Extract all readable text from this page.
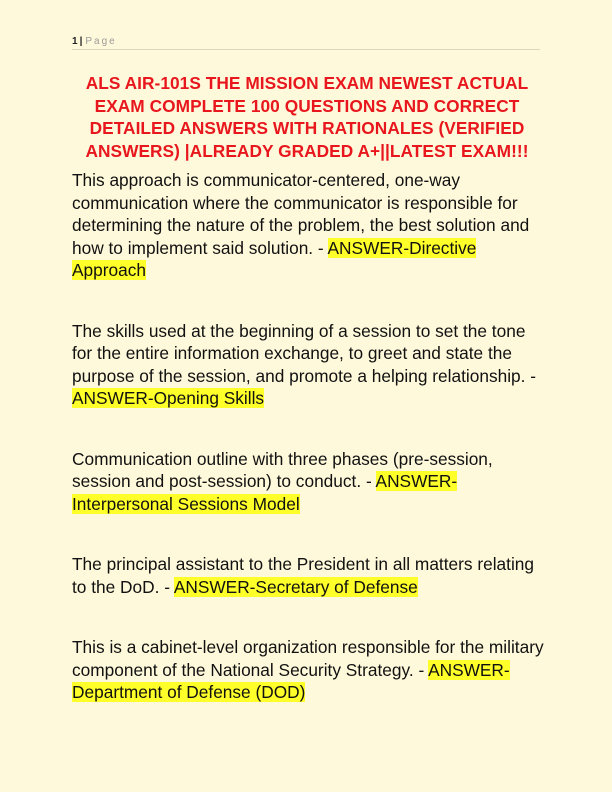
1 | Page
ALS AIR-101S THE MISSION EXAM NEWEST ACTUAL EXAM COMPLETE 100 QUESTIONS AND CORRECT DETAILED ANSWERS WITH RATIONALES (VERIFIED ANSWERS) |ALREADY GRADED A+||LATEST EXAM!!!

This approach is communicator-centered, one-way communication where the communicator is responsible for determining the nature of the problem, the best solution and how to implement said solution. - ANSWER-Directive Approach

The skills used at the beginning of a session to set the tone for the entire information exchange, to greet and state the purpose of the session, and promote a helping relationship. - ANSWER-Opening Skills

Communication outline with three phases (pre-session, session and post-session) to conduct. - ANSWER-Interpersonal Sessions Model

The principal assistant to the President in all matters relating to the DoD. - ANSWER-Secretary of Defense

This is a cabinet-level organization responsible for the military component of the National Security Strategy. - ANSWER-Department of Defense (DOD)
